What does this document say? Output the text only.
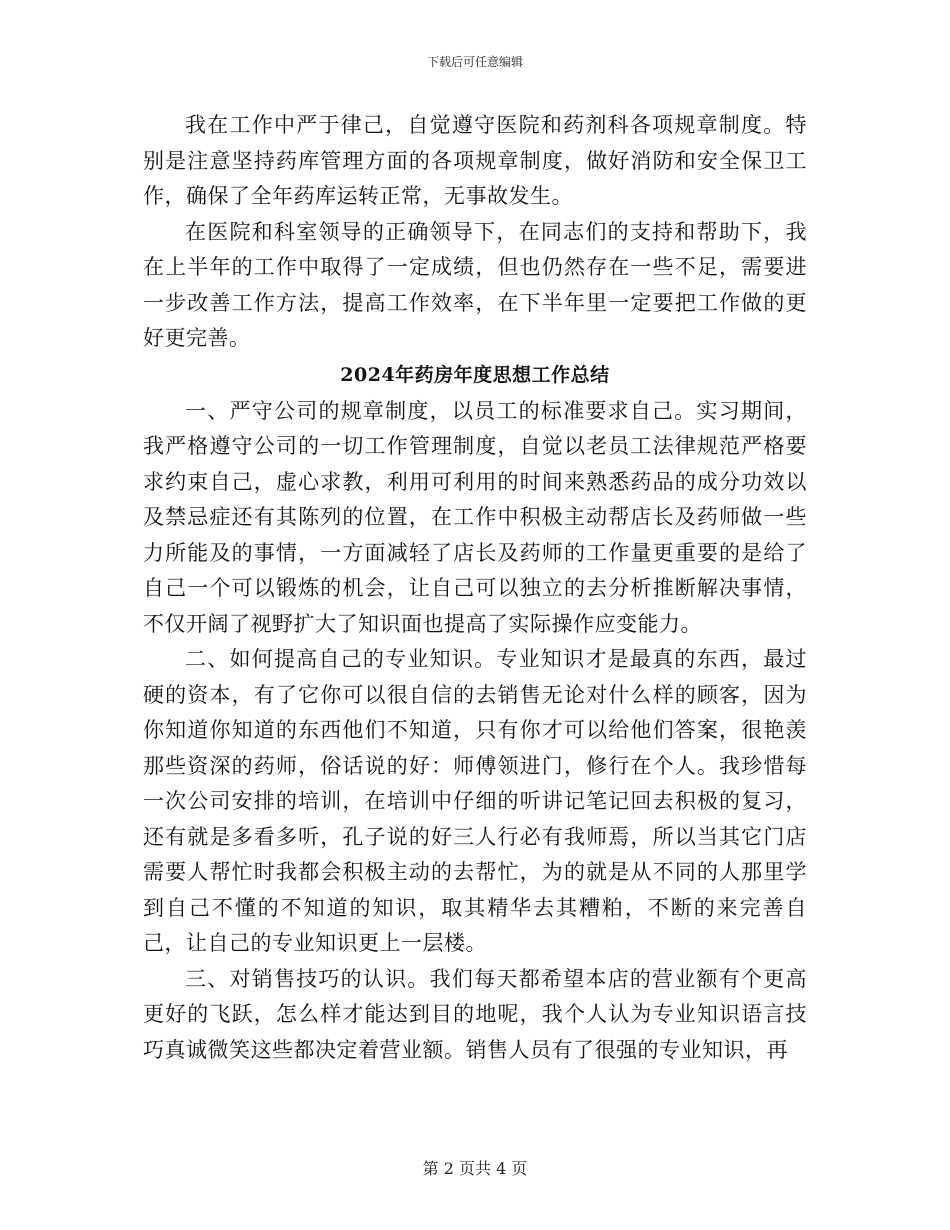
下载后可任意编辑

我在工作中严于律己，自觉遵守医院和药剂科各项规章制度。特别是注意坚持药库管理方面的各项规章制度，做好消防和安全保卫工作，确保了全年药库运转正常，无事故发生。

在医院和科室领导的正确领导下，在同志们的支持和帮助下，我在上半年的工作中取得了一定成绩，但也仍然存在一些不足，需要进一步改善工作方法，提高工作效率，在下半年里一定要把工作做的更好更完善。

2024年药房年度思想工作总结

一、严守公司的规章制度，以员工的标准要求自己。实习期间，我严格遵守公司的一切工作管理制度，自觉以老员工法律规范严格要求约束自己，虚心求教，利用可利用的时间来熟悉药品的成分功效以及禁忌症还有其陈列的位置，在工作中积极主动帮店长及药师做一些力所能及的事情，一方面减轻了店长及药师的工作量更重要的是给了自己一个可以锻炼的机会，让自己可以独立的去分析推断解决事情，不仅开阔了视野扩大了知识面也提高了实际操作应变能力。

二、如何提高自己的专业知识。专业知识才是最真的东西，最过硬的资本，有了它你可以很自信的去销售无论对什么样的顾客，因为你知道你知道的东西他们不知道，只有你才可以给他们答案，很艳羡那些资深的药师，俗话说的好：师傅领进门，修行在个人。我珍惜每一次公司安排的培训，在培训中仔细的听讲记笔记回去积极的复习，还有就是多看多听，孔子说的好三人行必有我师焉，所以当其它门店需要人帮忙时我都会积极主动的去帮忙，为的就是从不同的人那里学到自己不懂的不知道的知识，取其精华去其糟粕，不断的来完善自己，让自己的专业知识更上一层楼。

三、对销售技巧的认识。我们每天都希望本店的营业额有个更高更好的飞跃，怎么样才能达到目的地呢，我个人认为专业知识语言技巧真诚微笑这些都决定着营业额。销售人员有了很强的专业知识，再

第 2 页共 4 页
